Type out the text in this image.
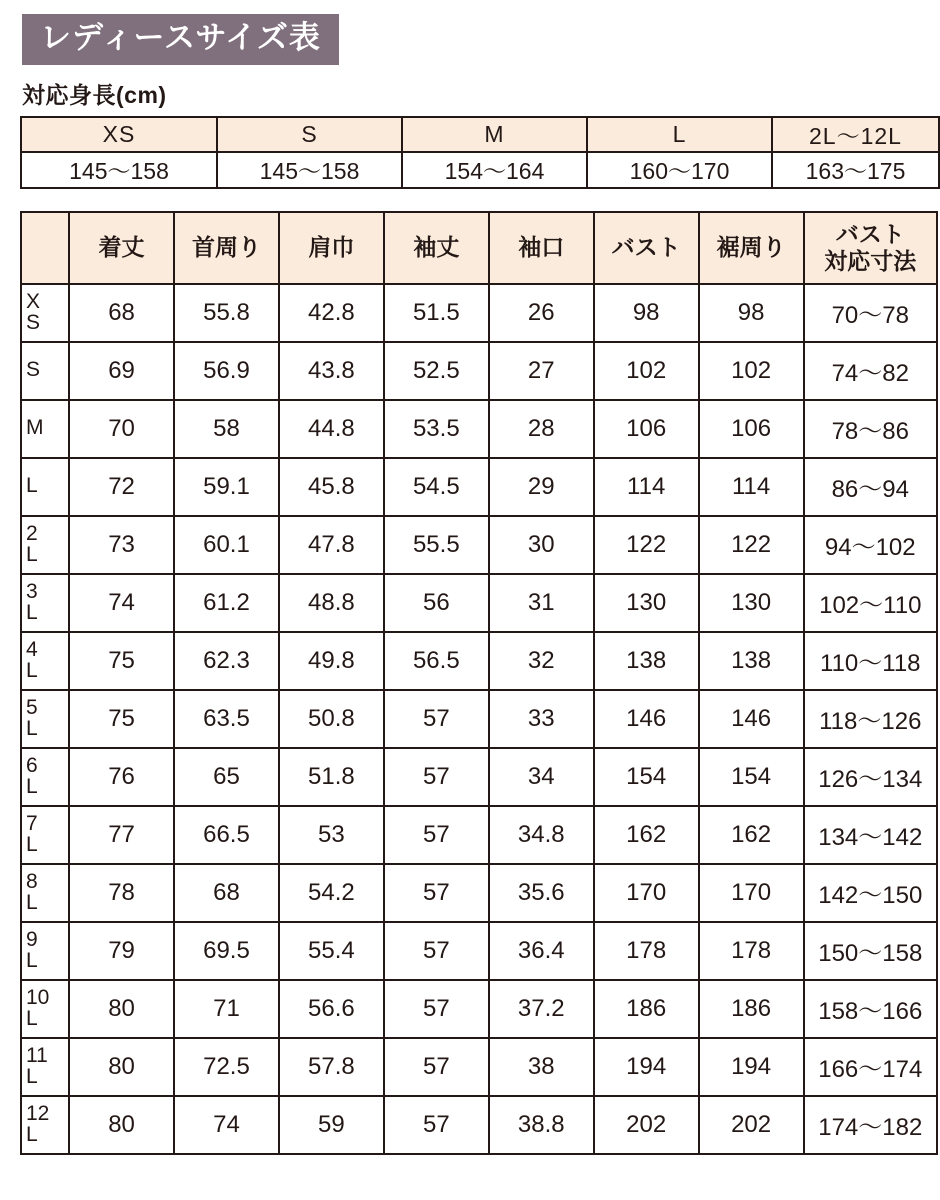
レディースサイズ表
対応身長(cm)
XS	S	M	L	2L〜12L
145〜158	145〜158	154〜164	160〜170	163〜175
	着丈	首周り	肩巾	袖丈	袖口	バスト	裾周り	バスト
対応寸法

X
S	68	55.8	42.8	51.5	26	98	98	70〜78

S	69	56.9	43.8	52.5	27	102	102	74〜82

M	70	58	44.8	53.5	28	106	106	78〜86

L	72	59.1	45.8	54.5	29	114	114	86〜94

2
L	73	60.1	47.8	55.5	30	122	122	94〜102

3
L	74	61.2	48.8	56	31	130	130	102〜110

4
L	75	62.3	49.8	56.5	32	138	138	110〜118

5
L	75	63.5	50.8	57	33	146	146	118〜126

6
L	76	65	51.8	57	34	154	154	126〜134

7
L	77	66.5	53	57	34.8	162	162	134〜142

8
L	78	68	54.2	57	35.6	170	170	142〜150

9
L	79	69.5	55.4	57	36.4	178	178	150〜158

10
L	80	71	56.6	57	37.2	186	186	158〜166

11
L	80	72.5	57.8	57	38	194	194	166〜174

12
L	80	74	59	57	38.8	202	202	174〜182
